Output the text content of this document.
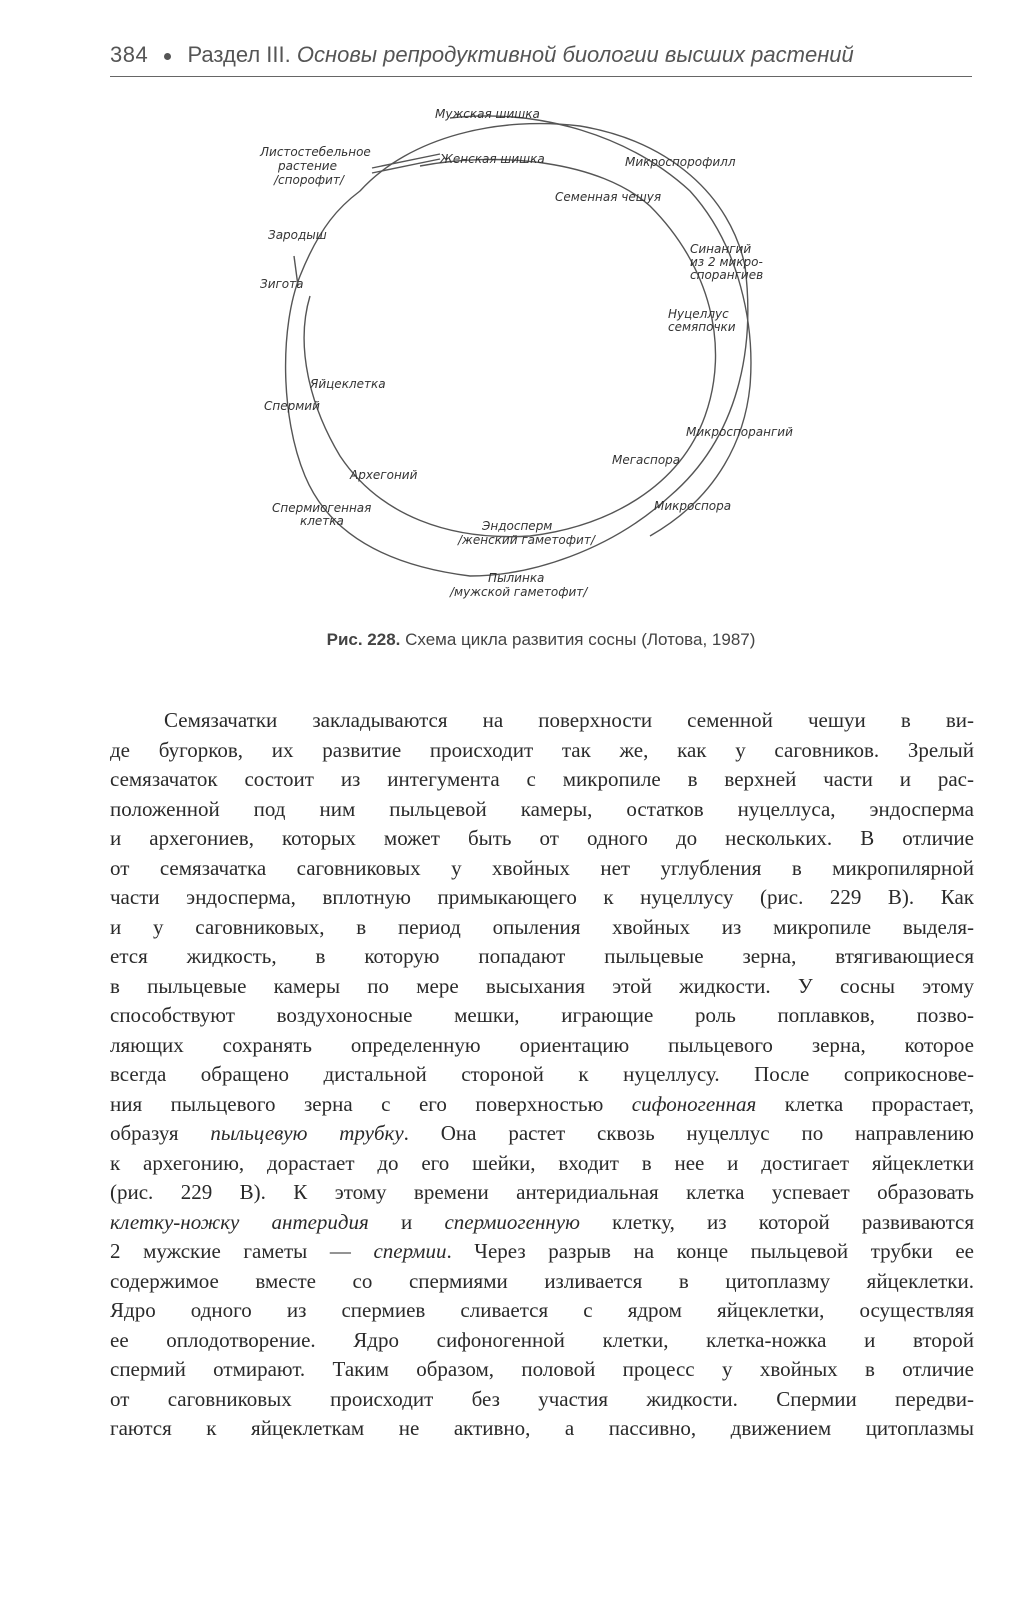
384 Раздел III. Основы репродуктивной биологии высших растений
Мужская шишка
Листостебельное
растение
/спорофит/
Женская шишка	Микроспорофилл
Семенная чешуя
Зародыш
Синангий
из 2 микро-
спорангиев
Зигота
Нуцеллус
семяпочки
Яйцеклетка
Спермий
Микроспорангий
Мегаспора
Архегоний
Микроспора
Спермиогенная
клетка	Эндосперм
/женский гаметофит/
Пылинка
/мужской гаметофит/
Рис. 228. Схема цикла развития сосны (Лотова, 1987)
Семязачатки закладываются на поверхности семенной чешуи в ви-
де бугорков, их развитие происходит так же, как у саговников. Зрелый
семязачаток состоит из интегумента с микропиле в верхней части и рас-
положенной под ним пыльцевой камеры, остатков нуцеллуса, эндосперма
и архегониев, которых может быть от одного до нескольких. В отличие
от семязачатка саговниковых у хвойных нет углубления в микропилярной
части эндосперма, вплотную примыкающего к нуцеллусу (рис. 229 В). Как
и у саговниковых, в период опыления хвойных из микропиле выделя-
ется жидкость, в которую попадают пыльцевые зерна, втягивающиеся
в пыльцевые камеры по мере высыхания этой жидкости. У сосны этому
способствуют воздухоносные мешки, играющие роль поплавков, позво-
ляющих сохранять определенную ориентацию пыльцевого зерна, которое
всегда обращено дистальной стороной к нуцеллусу. После соприкоснове-
ния пыльцевого зерна с его поверхностью сифоногенная клетка прорастает,
образуя пыльцевую трубку. Она растет сквозь нуцеллус по направлению
к архегонию, дорастает до его шейки, входит в нее и достигает яйцеклетки
(рис. 229 В). К этому времени антеридиальная клетка успевает образовать
клетку-ножку антеридия и спермиогенную клетку, из которой развиваются
2 мужские гаметы — спермии. Через разрыв на конце пыльцевой трубки ее
содержимое вместе со спермиями изливается в цитоплазму яйцеклетки.
Ядро одного из спермиев сливается с ядром яйцеклетки, осуществляя
ее оплодотворение. Ядро сифоногенной клетки, клетка-ножка и второй
спермий отмирают. Таким образом, половой процесс у хвойных в отличие
от саговниковых происходит без участия жидкости. Спермии передви-
гаются к яйцеклеткам не активно, а пассивно, движением цитоплазмы
